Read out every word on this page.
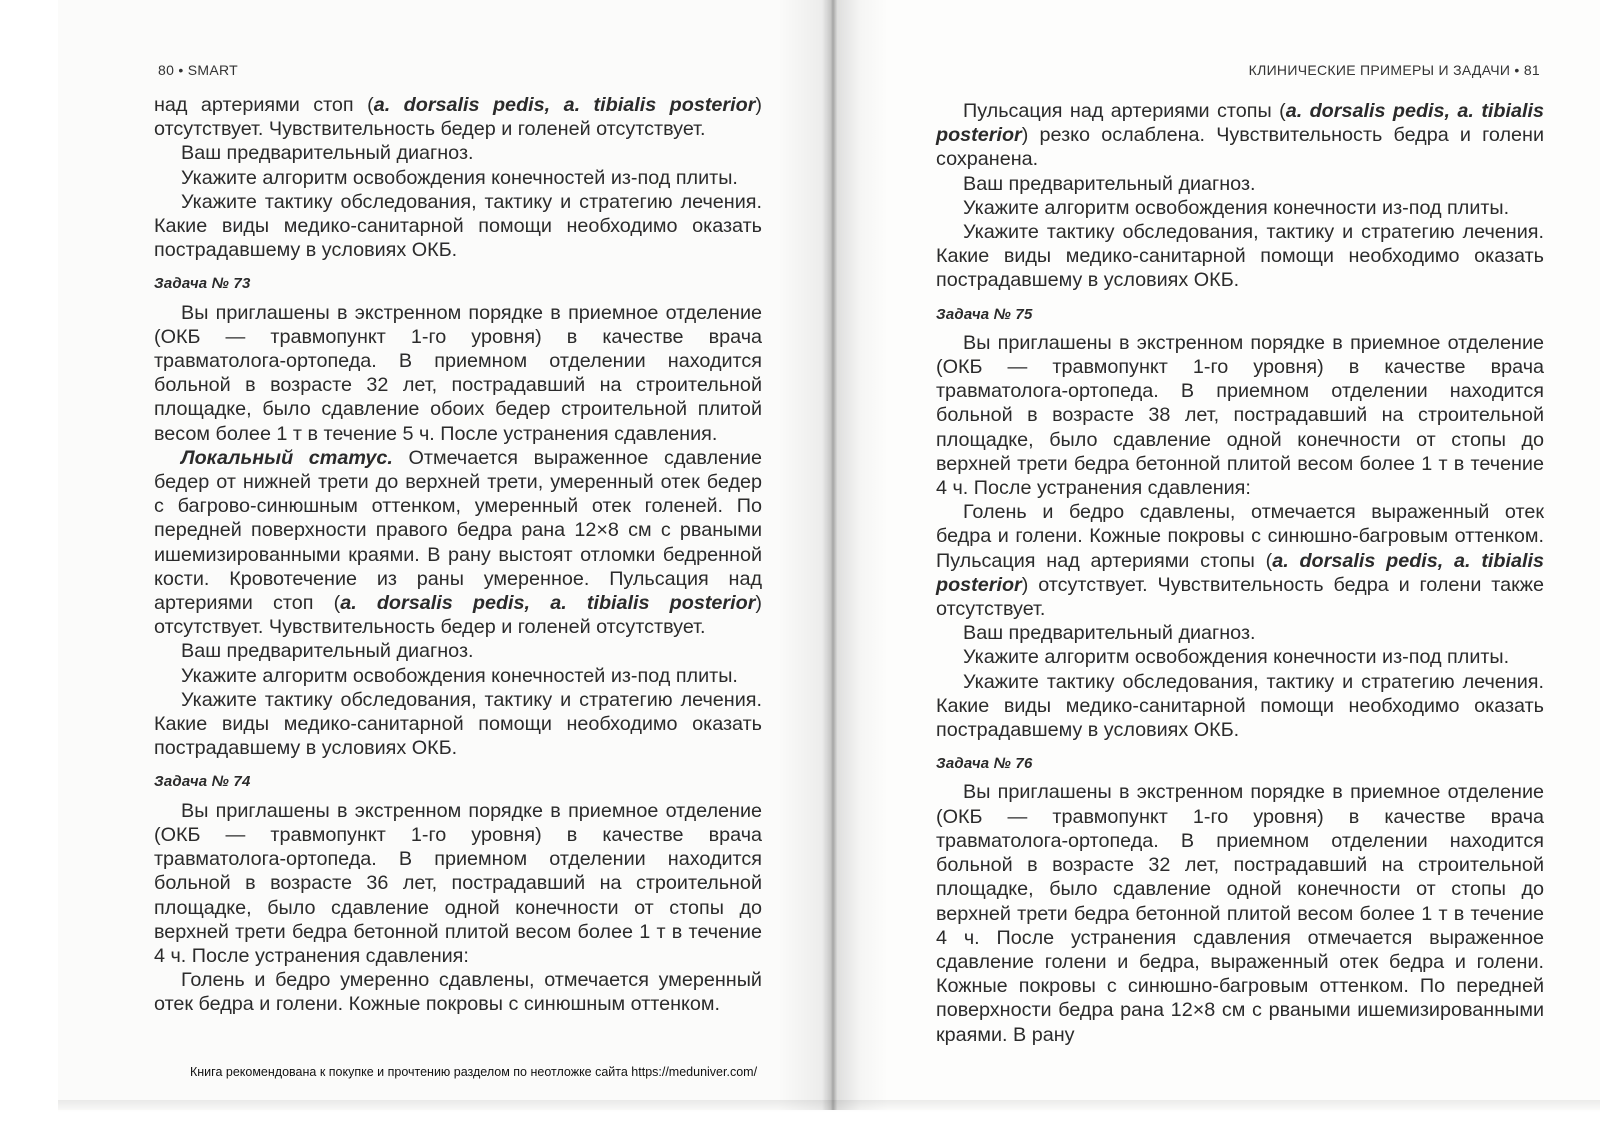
80 • SMART

над артериями стоп (a. dorsalis pedis, a. tibialis posterior) отсутствует. Чувствительность бедер и голеней отсутствует.

Ваш предварительный диагноз.

Укажите алгоритм освобождения конечностей из-под плиты.

Укажите тактику обследования, тактику и стратегию лечения. Какие виды медико-санитарной помощи необходимо оказать пострадавшему в условиях ОКБ.

Задача № 73

Вы приглашены в экстренном порядке в приемное отделение (ОКБ — травмопункт 1-го уровня) в качестве врача травматолога-ортопеда. В приемном отделении находится больной в возрасте 32 лет, пострадавший на строительной площадке, было сдавление обоих бедер строительной плитой весом более 1 т в течение 5 ч. После устранения сдавления.

Локальный статус. Отмечается выраженное сдавление бедер от нижней трети до верхней трети, умеренный отек бедер с багрово-синюшным оттенком, умеренный отек голеней. По передней поверхности правого бедра рана 12×8 см с рваными ишемизированными краями. В рану выстоят отломки бедренной кости. Кровотечение из раны умеренное. Пульсация над артериями стоп (a. dorsalis pedis, a. tibialis posterior) отсутствует. Чувствительность бедер и голеней отсутствует.

Ваш предварительный диагноз.

Укажите алгоритм освобождения конечностей из-под плиты.

Укажите тактику обследования, тактику и стратегию лечения. Какие виды медико-санитарной помощи необходимо оказать пострадавшему в условиях ОКБ.

Задача № 74

Вы приглашены в экстренном порядке в приемное отделение (ОКБ — травмопункт 1-го уровня) в качестве врача травматолога-ортопеда. В приемном отделении находится больной в возрасте 36 лет, пострадавший на строительной площадке, было сдавление одной конечности от стопы до верхней трети бедра бетонной плитой весом более 1 т в течение 4 ч. После устранения сдавления:

Голень и бедро умеренно сдавлены, отмечается умеренный отек бедра и голени. Кожные покровы с синюшным оттенком.

КЛИНИЧЕСКИЕ ПРИМЕРЫ И ЗАДАЧИ • 81

Пульсация над артериями стопы (a. dorsalis pedis, a. tibialis posterior) резко ослаблена. Чувствительность бедра и голени сохранена.

Ваш предварительный диагноз.

Укажите алгоритм освобождения конечности из-под плиты.

Укажите тактику обследования, тактику и стратегию лечения. Какие виды медико-санитарной помощи необходимо оказать пострадавшему в условиях ОКБ.

Задача № 75

Вы приглашены в экстренном порядке в приемное отделение (ОКБ — травмопункт 1-го уровня) в качестве врача травматолога-ортопеда. В приемном отделении находится больной в возрасте 38 лет, пострадавший на строительной площадке, было сдавление одной конечности от стопы до верхней трети бедра бетонной плитой весом более 1 т в течение 4 ч. После устранения сдавления:

Голень и бедро сдавлены, отмечается выраженный отек бедра и голени. Кожные покровы с синюшно-багровым оттенком. Пульсация над артериями стопы (a. dorsalis pedis, a. tibialis posterior) отсутствует. Чувствительность бедра и голени также отсутствует.

Ваш предварительный диагноз.

Укажите алгоритм освобождения конечности из-под плиты.

Укажите тактику обследования, тактику и стратегию лечения. Какие виды медико-санитарной помощи необходимо оказать пострадавшему в условиях ОКБ.

Задача № 76

Вы приглашены в экстренном порядке в приемное отделение (ОКБ — травмопункт 1-го уровня) в качестве врача травматолога-ортопеда. В приемном отделении находится больной в возрасте 32 лет, пострадавший на строительной площадке, было сдавление одной конечности от стопы до верхней трети бедра бетонной плитой весом более 1 т в течение 4 ч. После устранения сдавления отмечается выраженное сдавление голени и бедра, выраженный отек бедра и голени. Кожные покровы с синюшно-багровым оттенком. По передней поверхности бедра рана 12×8 см с рваными ишемизированными краями. В рану

Книга рекомендована к покупке и прочтению разделом по неотложке сайта https://meduniver.com/
